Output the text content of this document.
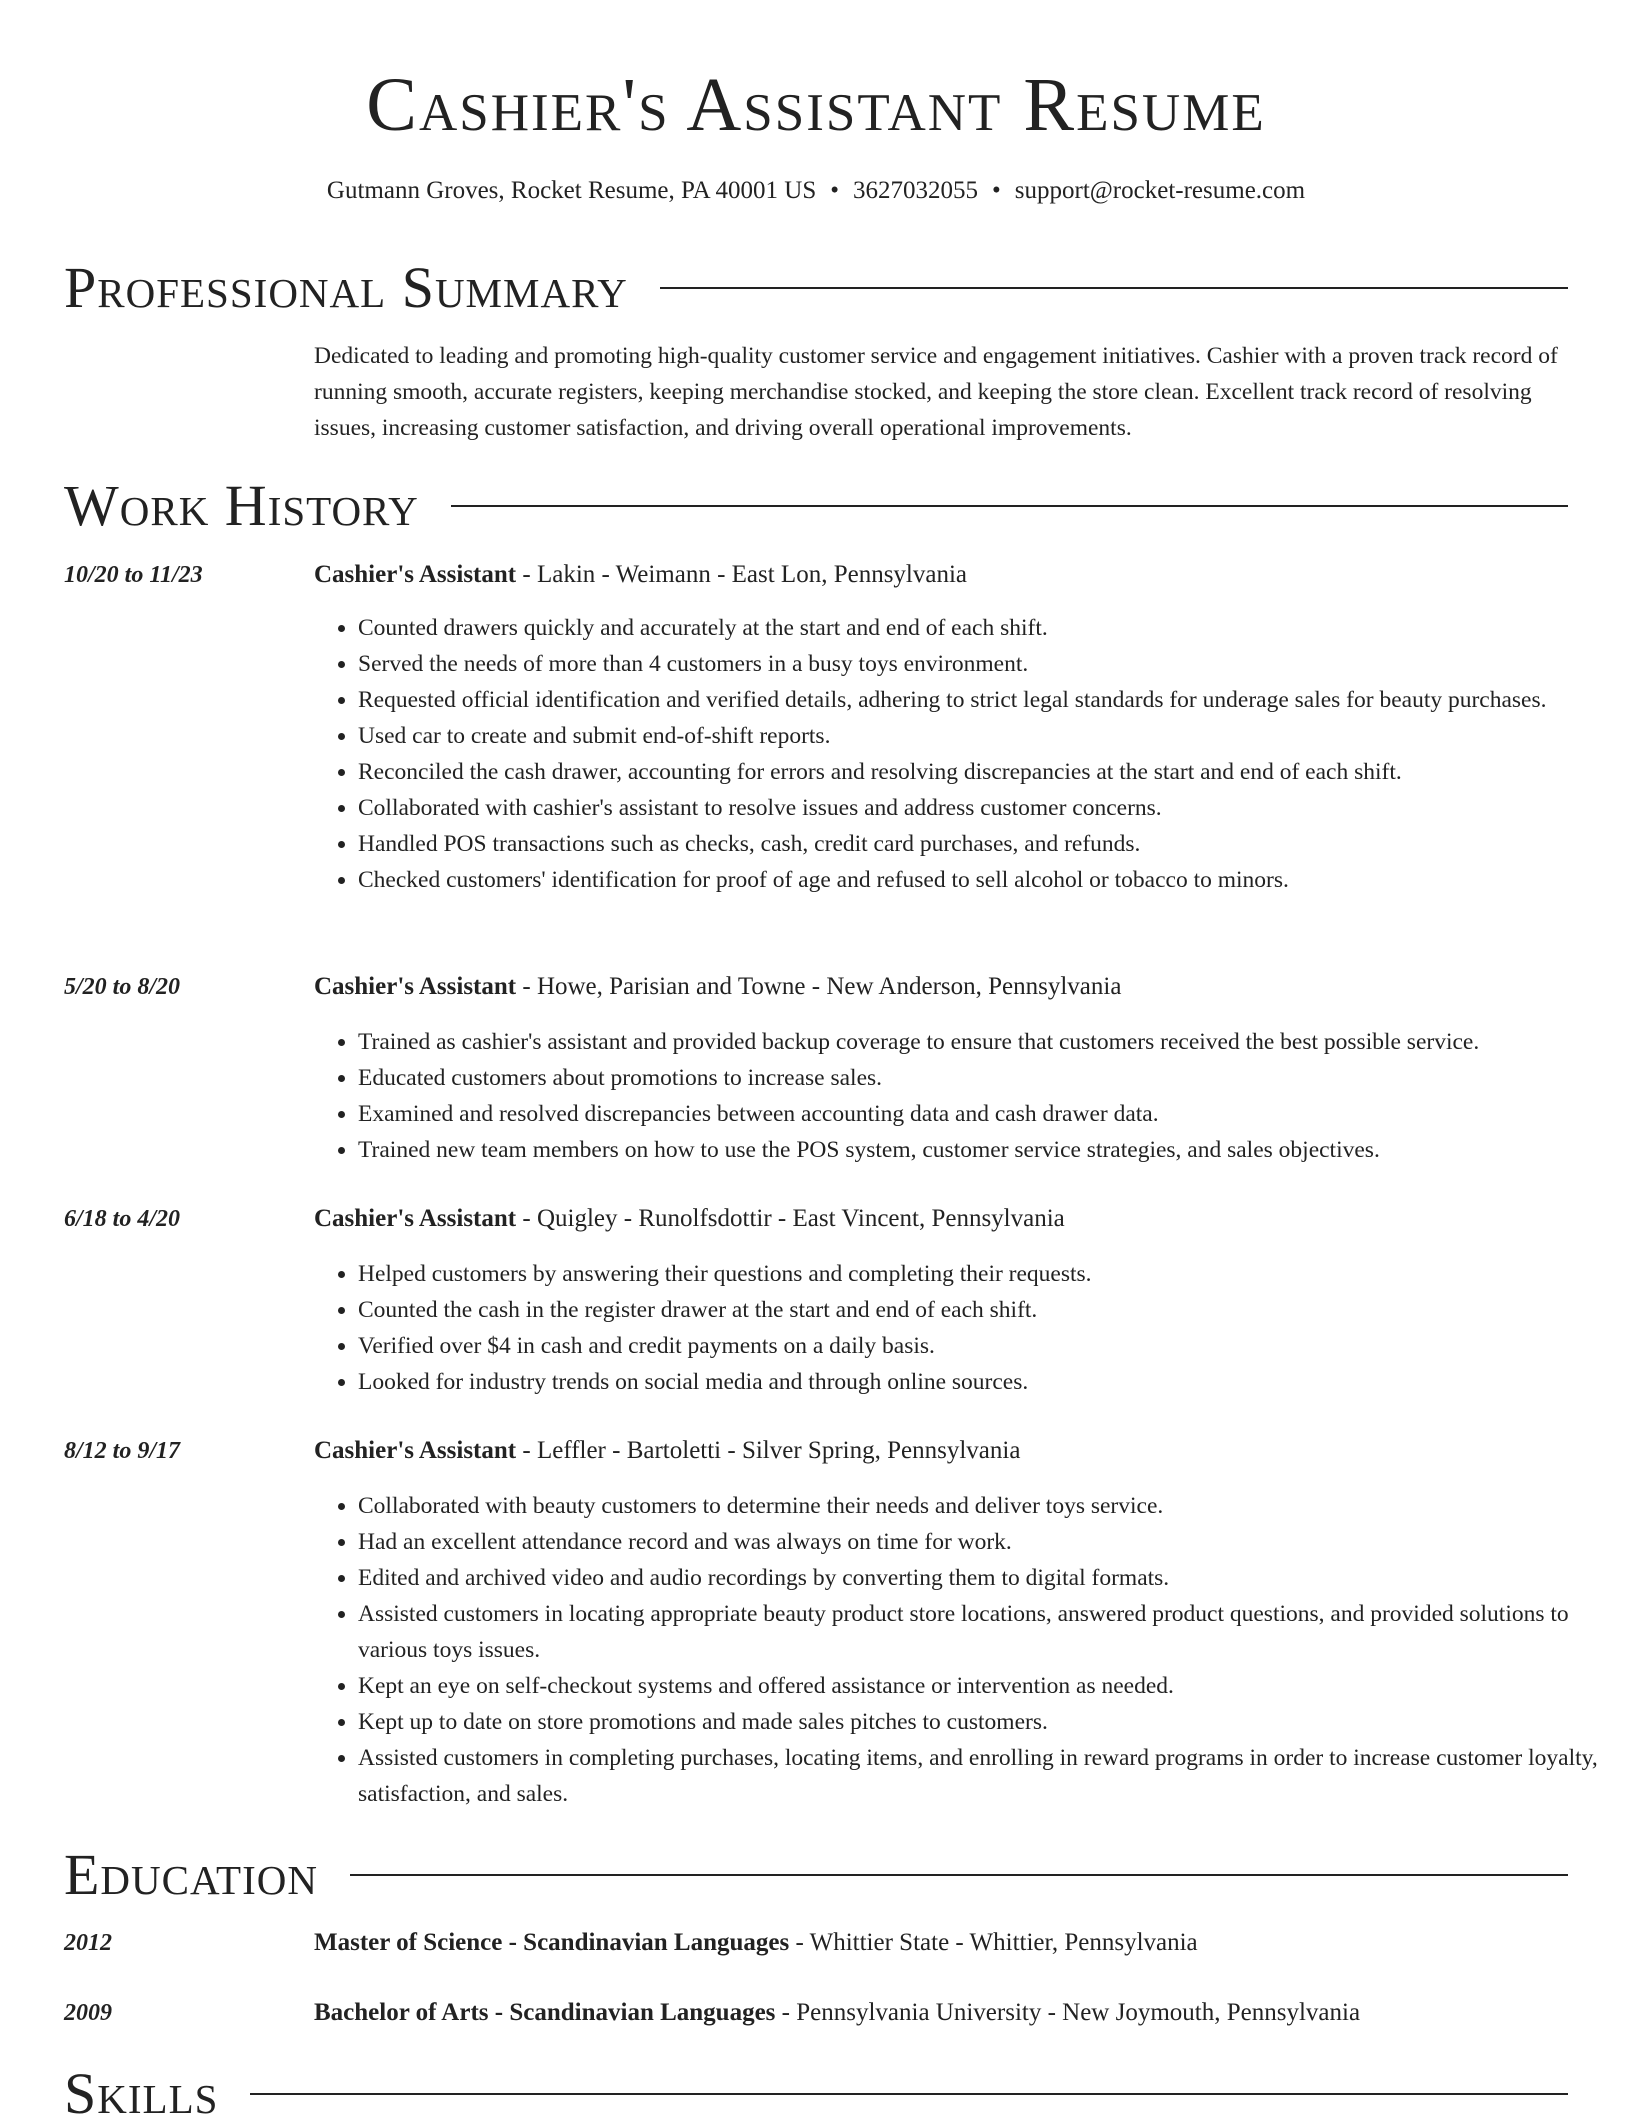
Cashier's Assistant Resume
Gutmann Groves, Rocket Resume, PA 40001 US • 3627032055 • support@rocket-resume.com
Professional Summary

Dedicated to leading and promoting high-quality customer service and engagement initiatives. Cashier with a proven track record of running smooth, accurate registers, keeping merchandise stocked, and keeping the store clean. Excellent track record of resolving issues, increasing customer satisfaction, and driving overall operational improvements.

Work History
10/20 to 11/23	Cashier's Assistant - Lakin - Weimann - East Lon, Pennsylvania
• Counted drawers quickly and accurately at the start and end of each shift.
• Served the needs of more than 4 customers in a busy toys environment.
• Requested official identification and verified details, adhering to strict legal standards for underage sales for beauty purchases.
• Used car to create and submit end-of-shift reports.
• Reconciled the cash drawer, accounting for errors and resolving discrepancies at the start and end of each shift.
• Collaborated with cashier's assistant to resolve issues and address customer concerns.
• Handled POS transactions such as checks, cash, credit card purchases, and refunds.
• Checked customers' identification for proof of age and refused to sell alcohol or tobacco to minors.
5/20 to 8/20	Cashier's Assistant - Howe, Parisian and Towne - New Anderson, Pennsylvania
• Trained as cashier's assistant and provided backup coverage to ensure that customers received the best possible service.
• Educated customers about promotions to increase sales.
• Examined and resolved discrepancies between accounting data and cash drawer data.
• Trained new team members on how to use the POS system, customer service strategies, and sales objectives.
6/18 to 4/20	Cashier's Assistant - Quigley - Runolfsdottir - East Vincent, Pennsylvania
• Helped customers by answering their questions and completing their requests.
• Counted the cash in the register drawer at the start and end of each shift.
• Verified over $4 in cash and credit payments on a daily basis.
• Looked for industry trends on social media and through online sources.
8/12 to 9/17	Cashier's Assistant - Leffler - Bartoletti - Silver Spring, Pennsylvania
• Collaborated with beauty customers to determine their needs and deliver toys service.
• Had an excellent attendance record and was always on time for work.
• Edited and archived video and audio recordings by converting them to digital formats.
• Assisted customers in locating appropriate beauty product store locations, answered product questions, and provided solutions to various toys issues.
• Kept an eye on self-checkout systems and offered assistance or intervention as needed.
• Kept up to date on store promotions and made sales pitches to customers.
• Assisted customers in completing purchases, locating items, and enrolling in reward programs in order to increase customer loyalty, satisfaction, and sales.
Education
2012	Master of Science - Scandinavian Languages - Whittier State - Whittier, Pennsylvania
2009	Bachelor of Arts - Scandinavian Languages - Pennsylvania University - New Joymouth, Pennsylvania
Skills
